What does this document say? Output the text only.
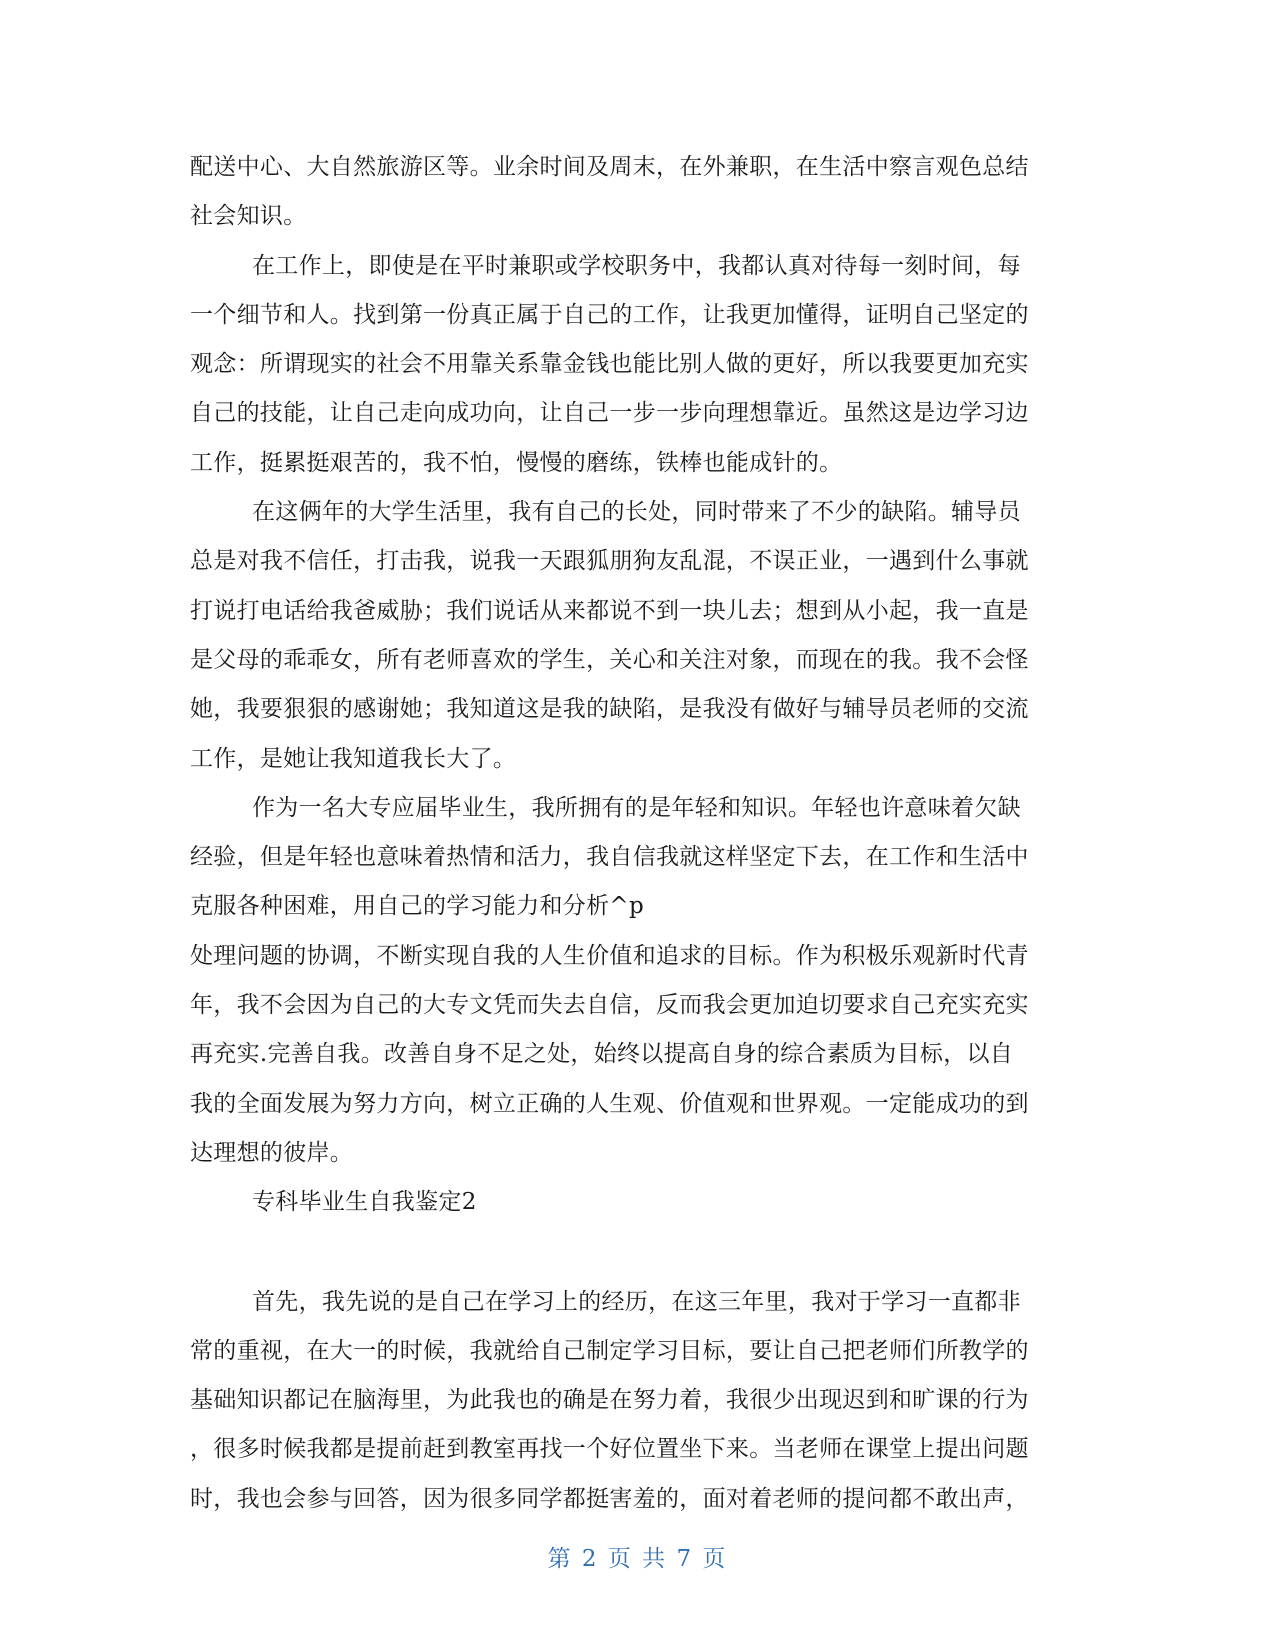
配送中心、大自然旅游区等。业余时间及周末，在外兼职，在生活中察言观色总结
社会知识。

在工作上，即使是在平时兼职或学校职务中，我都认真对待每一刻时间，每
一个细节和人。找到第一份真正属于自己的工作，让我更加懂得，证明自己坚定的
观念：所谓现实的社会不用靠关系靠金钱也能比别人做的更好，所以我要更加充实
自己的技能，让自己走向成功向，让自己一步一步向理想靠近。虽然这是边学习边
工作，挺累挺艰苦的，我不怕，慢慢的磨练，铁棒也能成针的。

在这俩年的大学生活里，我有自己的长处，同时带来了不少的缺陷。辅导员
总是对我不信任，打击我，说我一天跟狐朋狗友乱混，不误正业，一遇到什么事就
打说打电话给我爸威胁；我们说话从来都说不到一块儿去；想到从小起，我一直是
是父母的乖乖女，所有老师喜欢的学生，关心和关注对象，而现在的我。我不会怪
她，我要狠狠的感谢她；我知道这是我的缺陷，是我没有做好与辅导员老师的交流
工作，是她让我知道我长大了。

作为一名大专应届毕业生，我所拥有的是年轻和知识。年轻也许意味着欠缺
经验，但是年轻也意味着热情和活力，我自信我就这样坚定下去，在工作和生活中
克服各种困难，用自己的学习能力和分析^p
处理问题的协调，不断实现自我的人生价值和追求的目标。作为积极乐观新时代青
年，我不会因为自己的大专文凭而失去自信，反而我会更加迫切要求自己充实充实
再充实.完善自我。改善自身不足之处，始终以提高自身的综合素质为目标，以自
我的全面发展为努力方向，树立正确的人生观、价值观和世界观。一定能成功的到
达理想的彼岸。

专科毕业生自我鉴定2

首先，我先说的是自己在学习上的经历，在这三年里，我对于学习一直都非
常的重视，在大一的时候，我就给自己制定学习目标，要让自己把老师们所教学的
基础知识都记在脑海里，为此我也的确是在努力着，我很少出现迟到和旷课的行为
，很多时候我都是提前赶到教室再找一个好位置坐下来。当老师在课堂上提出问题
时，我也会参与回答，因为很多同学都挺害羞的，面对着老师的提问都不敢出声，

第 2 页 共 7 页
